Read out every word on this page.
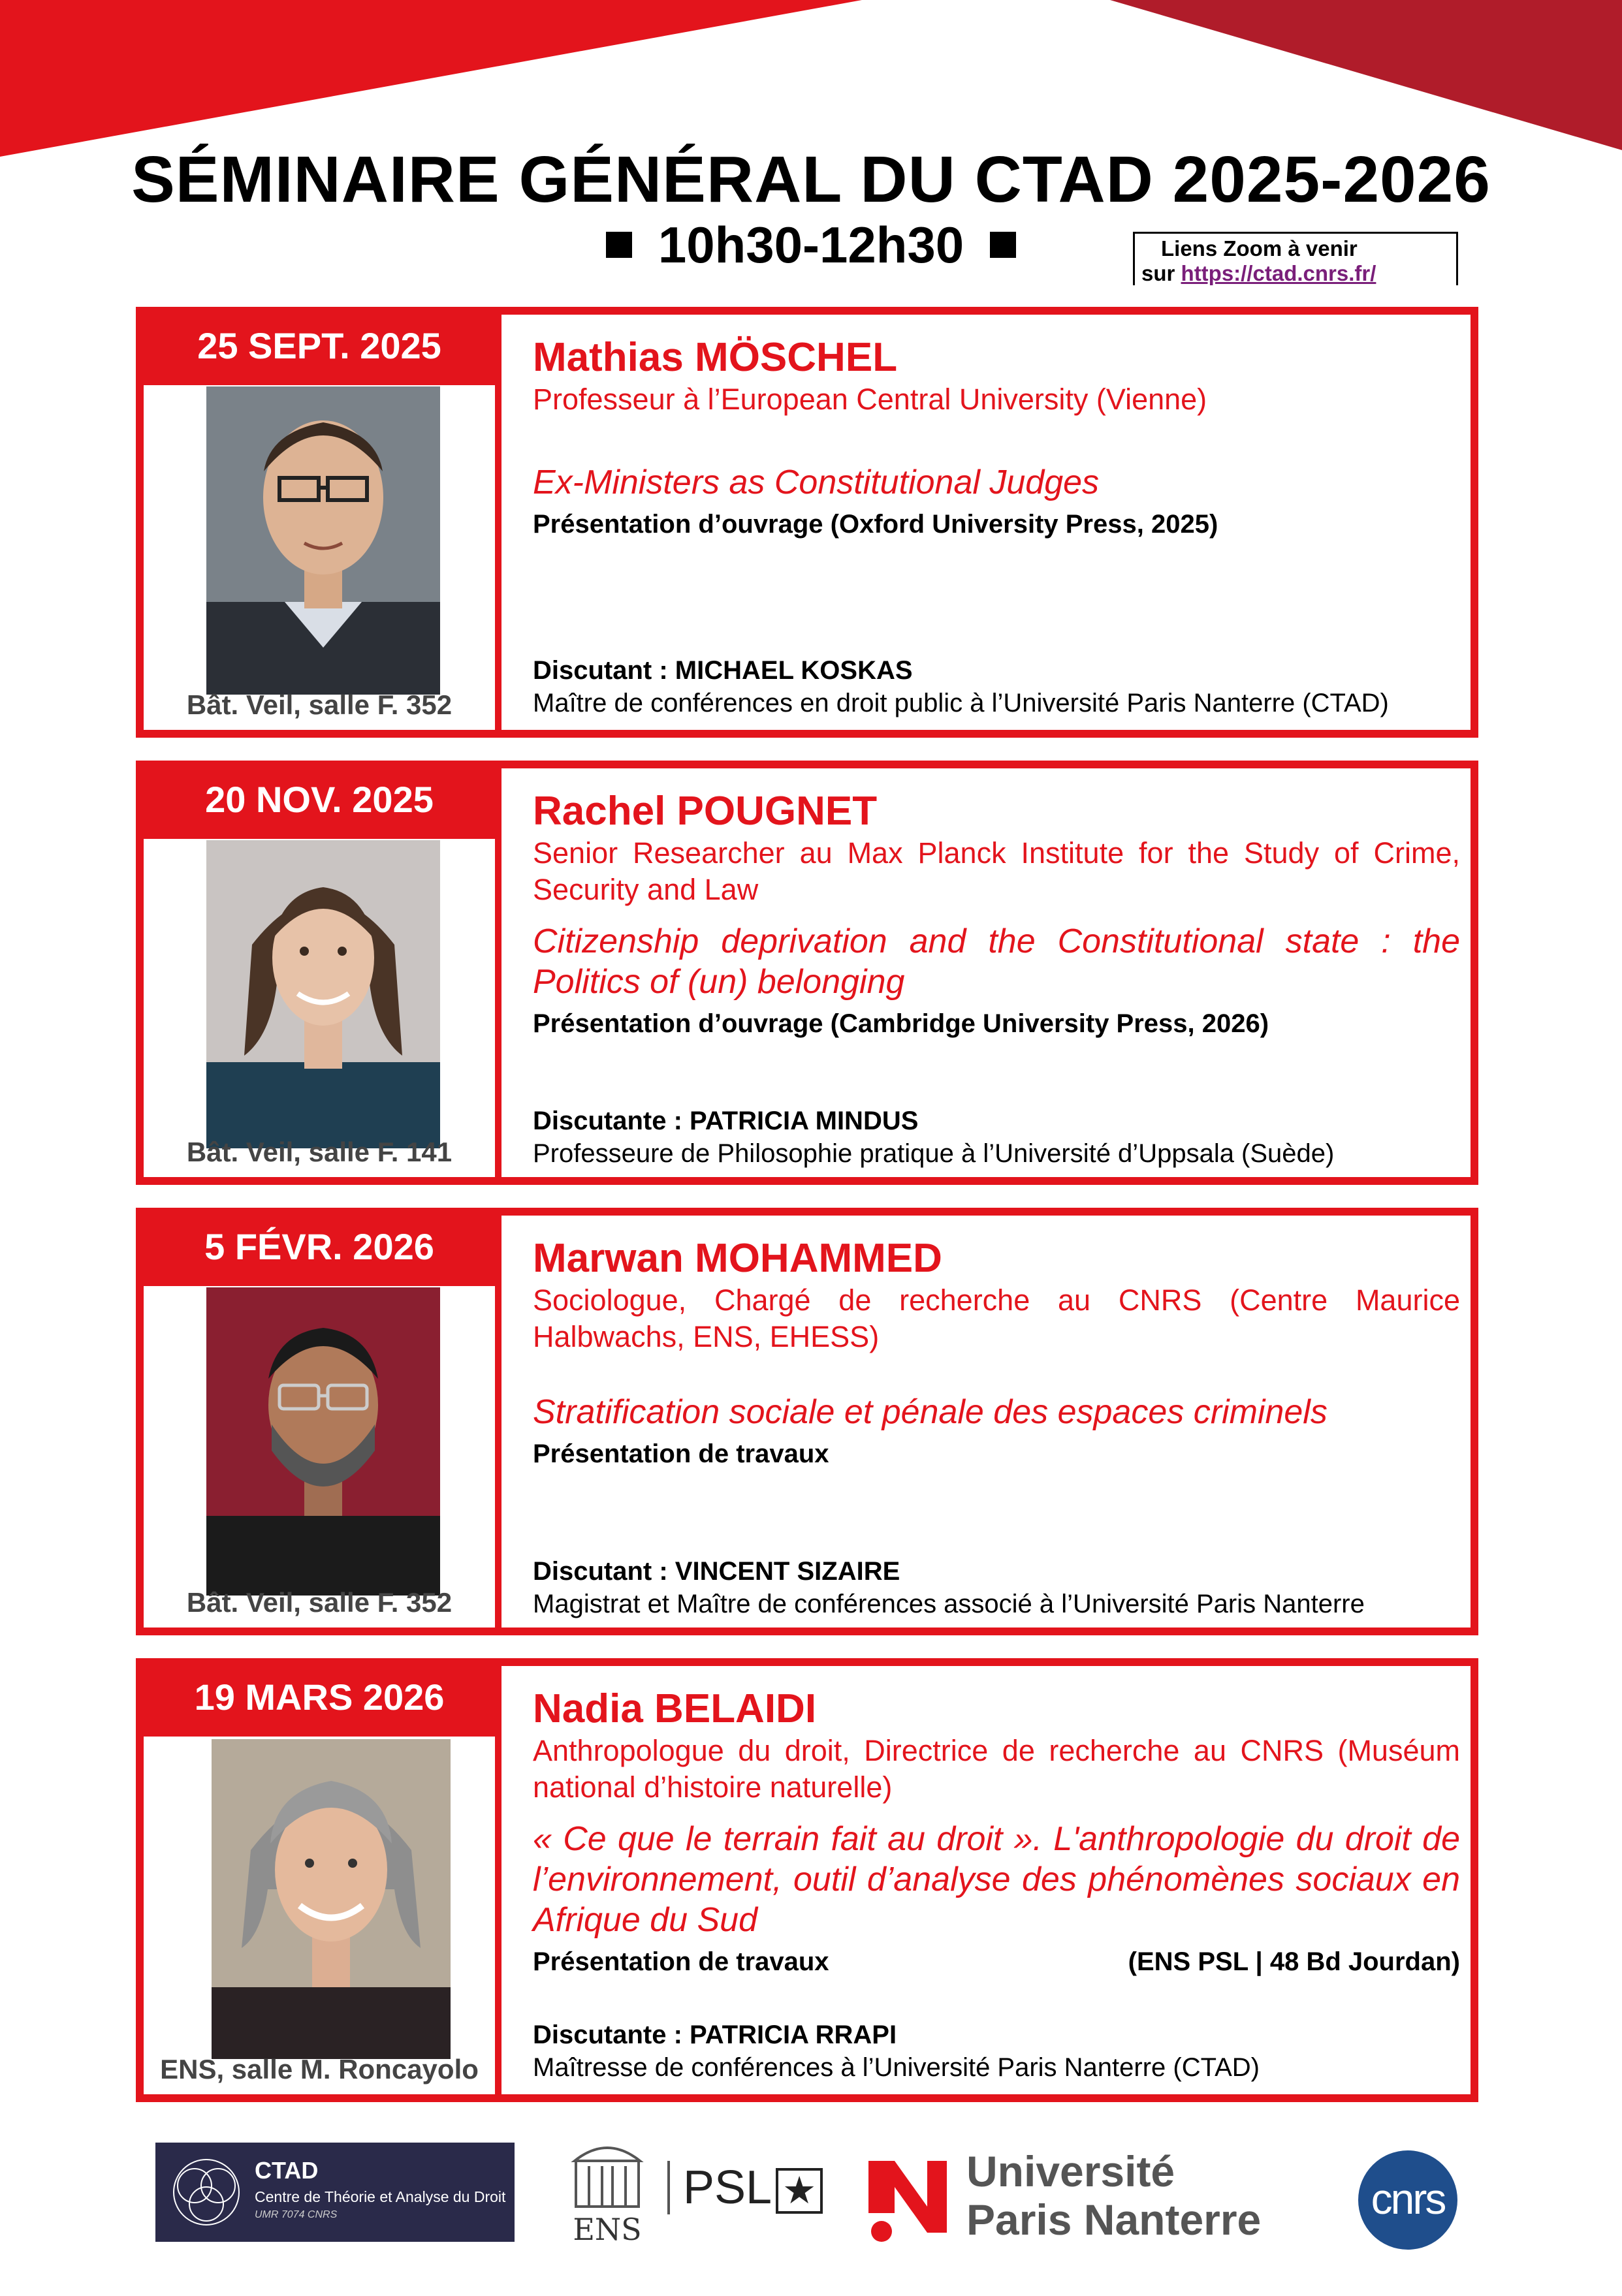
SÉMINAIRE GÉNÉRAL DU CTAD 2025-2026
10h30-12h30	Liens Zoom à venir
sur https://ctad.cnrs.fr/
25 SEPT. 2025
Bât. Veil, salle F. 352
Mathias MÖSCHEL
Professeur à l’European Central University (Vienne)
Ex-Ministers as Constitutional Judges
Présentation d’ouvrage (Oxford University Press, 2025)
Discutant : MICHAEL KOSKAS
Maître de conférences en droit public à l’Université Paris Nanterre (CTAD)
20 NOV. 2025
Bât. Veil, salle F. 141
Rachel POUGNET
Senior Researcher au Max Planck Institute for the Study of Crime, Security and Law
Citizenship deprivation and the Constitutional state : the Politics of (un) belonging
Présentation d’ouvrage (Cambridge University Press, 2026)
Discutante : PATRICIA MINDUS
Professeure de Philosophie pratique à l’Université d’Uppsala (Suède)
5 FÉVR. 2026
Bât. Veil, salle F. 352
Marwan MOHAMMED
Sociologue, Chargé de recherche au CNRS (Centre Maurice Halbwachs, ENS, EHESS)
Stratification sociale et pénale des espaces criminels
Présentation de travaux
Discutant : VINCENT SIZAIRE
Magistrat et Maître de conférences associé à l’Université Paris Nanterre
19 MARS 2026
ENS, salle M. Roncayolo
Nadia BELAIDI
Anthropologue du droit, Directrice de recherche au CNRS (Muséum national d’histoire naturelle)
« Ce que le terrain fait au droit ». L'anthropologie du droit de l’environnement, outil d’analyse des phénomènes sociaux en Afrique du Sud
Présentation de travaux	(ENS PSL | 48 Bd Jourdan)
Discutante : PATRICIA RRAPI
Maîtresse de conférences à l’Université Paris Nanterre (CTAD)
CTAD
Centre de Théorie et Analyse du Droit
UMR 7074 CNRS	ENS
PSL ★	Université
Paris Nanterre	cnrs
